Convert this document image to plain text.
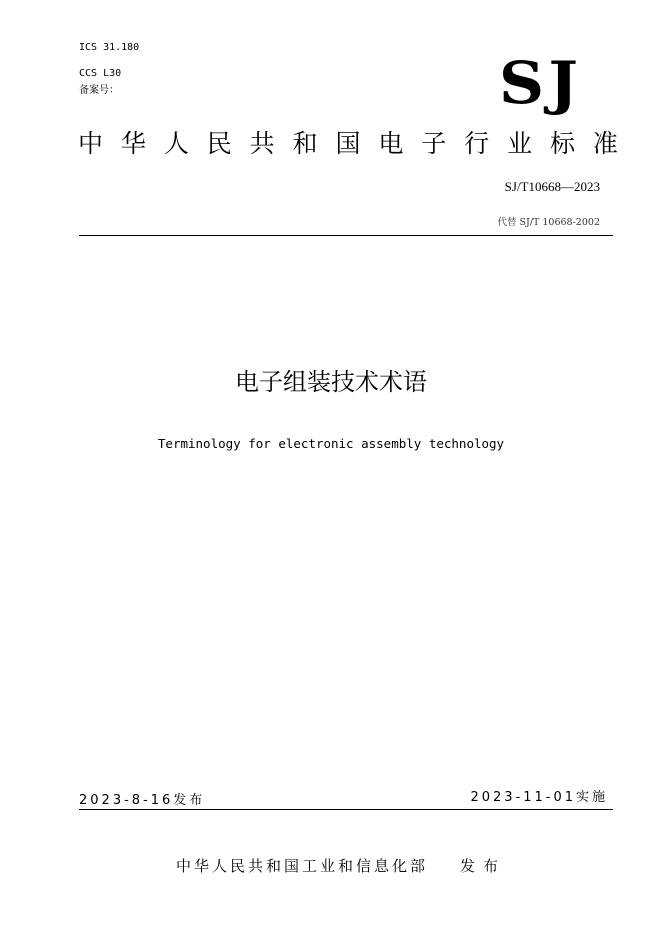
ICS 31.180
CCS L30
备案号：	SJ
中 华 人 民 共 和 国 电 子 行 业 标 准
SJ/T10668—2023
代替 SJ/T 10668-2002
电子组装技术术语
Terminology for electronic assembly technology
2023-8-16发布	2023-11-01实施
中华人民共和国工业和信息化部 发布
